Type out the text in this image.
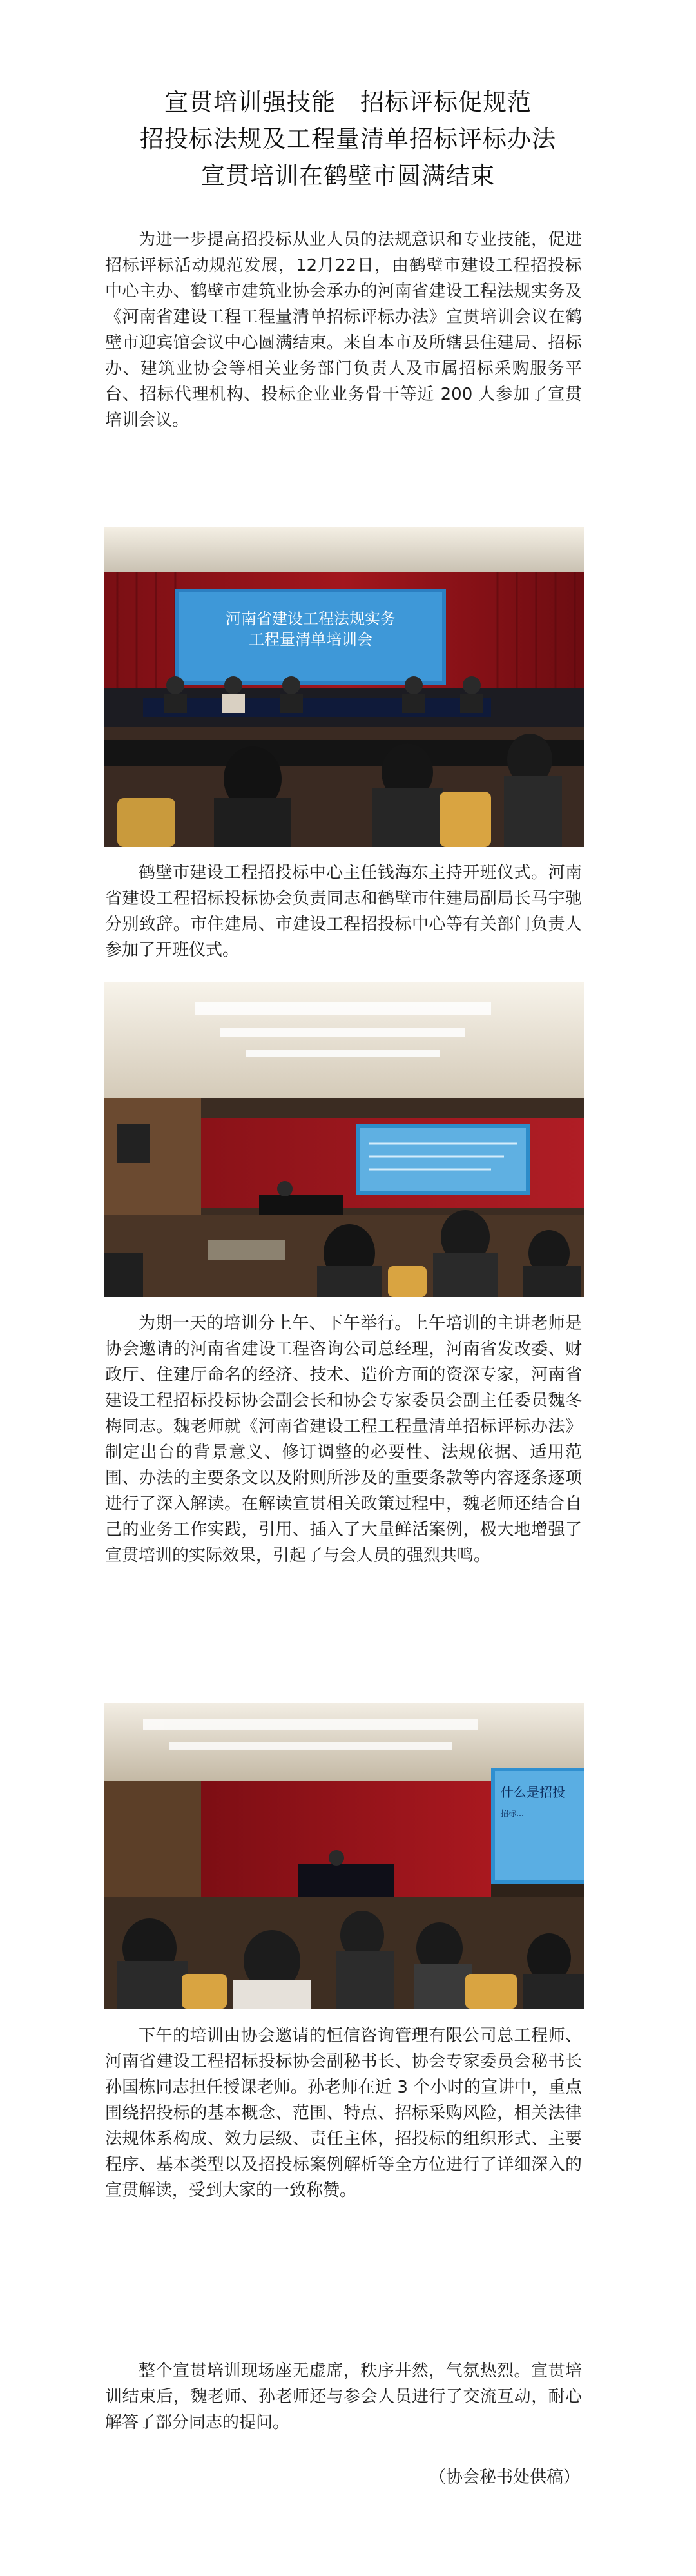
宣贯培训强技能　招标评标促规范
招投标法规及工程量清单招标评标办法
宣贯培训在鹤壁市圆满结束

为进一步提高招投标从业人员的法规意识和专业技能，促进招标评标活动规范发展，12月22日，由鹤壁市建设工程招投标中心主办、鹤壁市建筑业协会承办的河南省建设工程法规实务及《河南省建设工程工程量清单招标评标办法》宣贯培训会议在鹤壁市迎宾馆会议中心圆满结束。来自本市及所辖县住建局、招标办、建筑业协会等相关业务部门负责人及市属招标采购服务平台、招标代理机构、投标企业业务骨干等近 200 人参加了宣贯培训会议。

河南省建设工程法规实务
工程量清单培训会

鹤壁市建设工程招投标中心主任钱海东主持开班仪式。河南省建设工程招标投标协会负责同志和鹤壁市住建局副局长马宇驰分别致辞。市住建局、市建设工程招投标中心等有关部门负责人参加了开班仪式。

为期一天的培训分上午、下午举行。上午培训的主讲老师是协会邀请的河南省建设工程咨询公司总经理，河南省发改委、财政厅、住建厅命名的经济、技术、造价方面的资深专家，河南省建设工程招标投标协会副会长和协会专家委员会副主任委员魏冬梅同志。魏老师就《河南省建设工程工程量清单招标评标办法》制定出台的背景意义、修订调整的必要性、法规依据、适用范围、办法的主要条文以及附则所涉及的重要条款等内容逐条逐项进行了深入解读。在解读宣贯相关政策过程中，魏老师还结合自己的业务工作实践，引用、插入了大量鲜活案例，极大地增强了宣贯培训的实际效果，引起了与会人员的强烈共鸣。

什么是招投
招标…

下午的培训由协会邀请的恒信咨询管理有限公司总工程师、河南省建设工程招标投标协会副秘书长、协会专家委员会秘书长孙国栋同志担任授课老师。孙老师在近 3 个小时的宣讲中，重点围绕招投标的基本概念、范围、特点、招标采购风险，相关法律法规体系构成、效力层级、责任主体，招投标的组织形式、主要程序、基本类型以及招投标案例解析等全方位进行了详细深入的宣贯解读，受到大家的一致称赞。

整个宣贯培训现场座无虚席，秩序井然，气氛热烈。宣贯培训结束后，魏老师、孙老师还与参会人员进行了交流互动，耐心解答了部分同志的提问。

（协会秘书处供稿）
